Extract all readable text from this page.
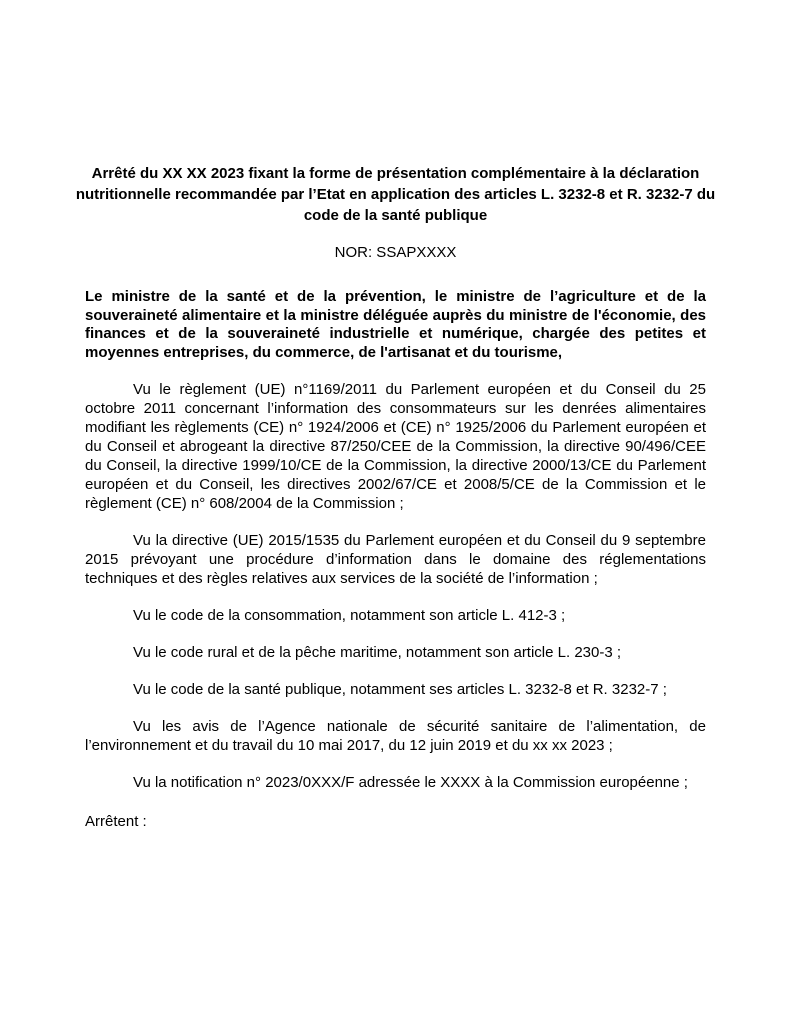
Arrêté du XX XX 2023 fixant la forme de présentation complémentaire à la déclaration nutritionnelle recommandée par l’Etat en application des articles L. 3232-8 et R. 3232-7 du code de la santé publique

NOR: SSAPXXXX

Le ministre de la santé et de la prévention, le ministre de l’agriculture et de la souveraineté alimentaire et la ministre déléguée auprès du ministre de l'économie, des finances et de la souveraineté industrielle et numérique, chargée des petites et moyennes entreprises, du commerce, de l'artisanat et du tourisme,

Vu le règlement (UE) n°1169/2011 du Parlement européen et du Conseil du 25 octobre 2011 concernant l’information des consommateurs sur les denrées alimentaires modifiant les règlements (CE) n° 1924/2006 et (CE) n° 1925/2006 du Parlement européen et du Conseil et abrogeant la directive 87/250/CEE de la Commission, la directive 90/496/CEE du Conseil, la directive 1999/10/CE de la Commission, la directive 2000/13/CE du Parlement européen et du Conseil, les directives 2002/67/CE et 2008/5/CE de la Commission et le règlement (CE) n° 608/2004 de la Commission ;

Vu la directive (UE) 2015/1535 du Parlement européen et du Conseil du 9 septembre 2015 prévoyant une procédure d’information dans le domaine des réglementations techniques et des règles relatives aux services de la société de l’information ;

Vu le code de la consommation, notamment son article L. 412-3 ;

Vu le code rural et de la pêche maritime, notamment son article L. 230-3 ;

Vu le code de la santé publique, notamment ses articles L. 3232-8 et R. 3232-7 ;

Vu les avis de l’Agence nationale de sécurité sanitaire de l’alimentation, de l’environnement et du travail du 10 mai 2017, du 12 juin 2019 et du xx xx 2023 ;

Vu la notification n° 2023/0XXX/F adressée le XXXX à la Commission européenne ;

Arrêtent :
